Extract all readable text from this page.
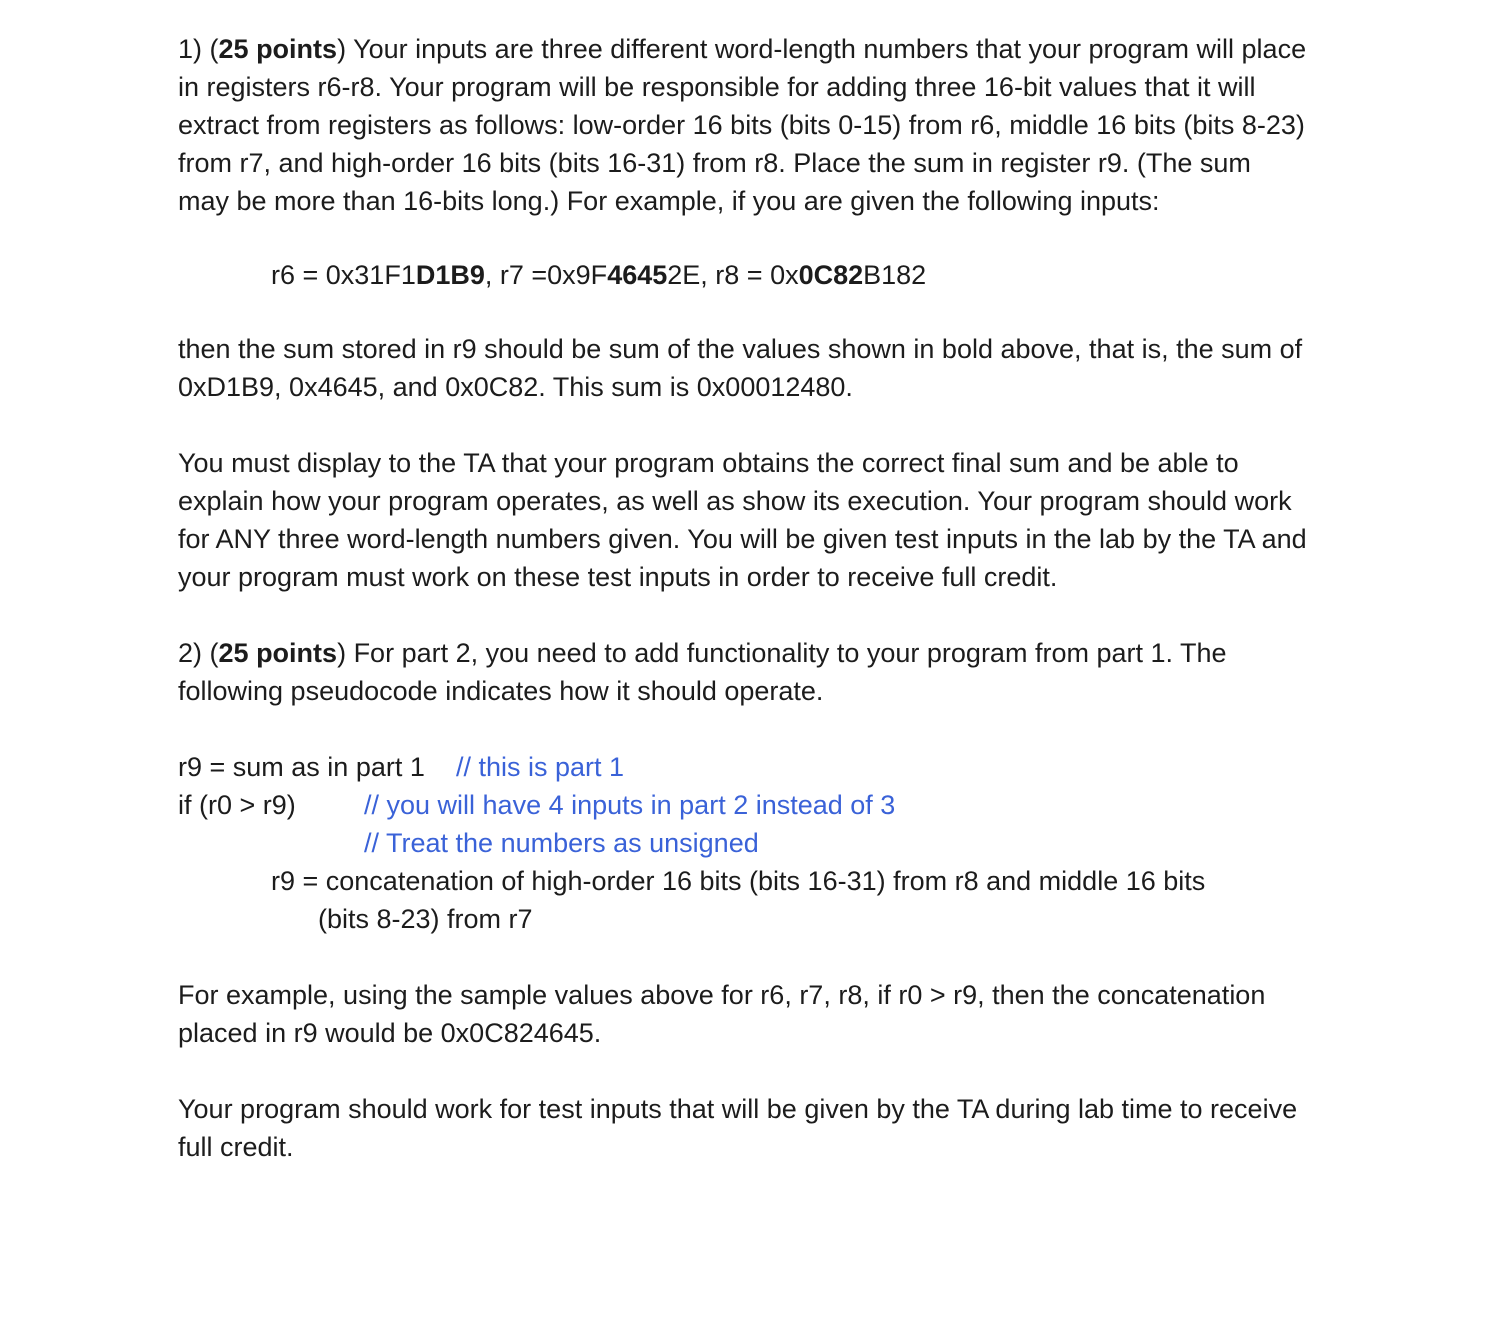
1) (25 points) Your inputs are three different word-length numbers that your program will place in registers r6-r8. Your program will be responsible for adding three 16-bit values that it will extract from registers as follows: low-order 16 bits (bits 0-15) from r6, middle 16 bits (bits 8-23) from r7, and high-order 16 bits (bits 16-31) from r8. Place the sum in register r9. (The sum may be more than 16-bits long.) For example, if you are given the following inputs:

r6 = 0x31F1D1B9, r7 =0x9F46452E, r8 = 0x0C82B182

then the sum stored in r9 should be sum of the values shown in bold above, that is, the sum of 0xD1B9, 0x4645, and 0x0C82. This sum is 0x00012480.

You must display to the TA that your program obtains the correct final sum and be able to explain how your program operates, as well as show its execution. Your program should work for ANY three word-length numbers given. You will be given test inputs in the lab by the TA and your program must work on these test inputs in order to receive full credit.

2) (25 points) For part 2, you need to add functionality to your program from part 1. The following pseudocode indicates how it should operate.

r9 = sum as in part 1 // this is part 1
if (r0 > r9)	// you will have 4 inputs in part 2 instead of 3
// Treat the numbers as unsigned
r9 = concatenation of high-order 16 bits (bits 16-31) from r8 and middle 16 bits
(bits 8-23) from r7

For example, using the sample values above for r6, r7, r8, if r0 > r9, then the concatenation placed in r9 would be 0x0C824645.

Your program should work for test inputs that will be given by the TA during lab time to receive full credit.
